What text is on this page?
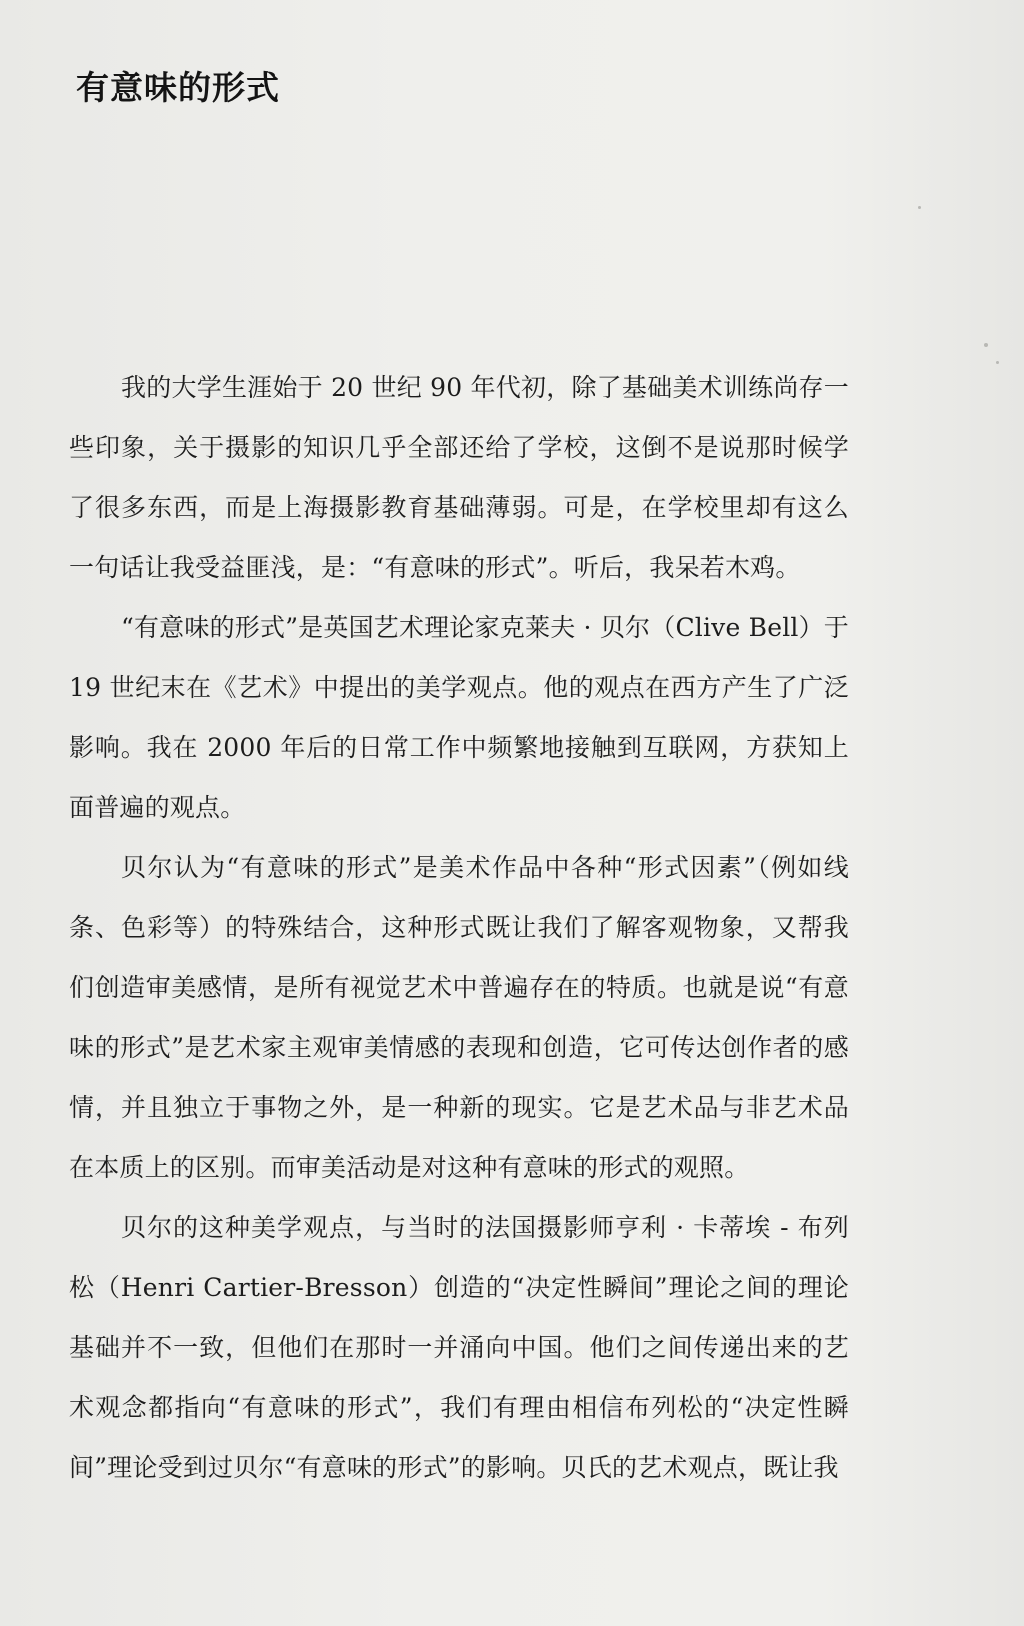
有意味的形式

我的大学生涯始于 20 世纪 90 年代初，除了基础美术训练尚存一些印象，关于摄影的知识几乎全部还给了学校，这倒不是说那时候学了很多东西，而是上海摄影教育基础薄弱。可是，在学校里却有这么一句话让我受益匪浅，是：“有意味的形式”。听后，我呆若木鸡。

“有意味的形式”是英国艺术理论家克莱夫 · 贝尔（Clive Bell）于 19 世纪末在《艺术》中提出的美学观点。他的观点在西方产生了广泛影响。我在 2000 年后的日常工作中频繁地接触到互联网，方获知上面普遍的观点。

贝尔认为“有意味的形式”是美术作品中各种“形式因素”（例如线条、色彩等）的特殊结合，这种形式既让我们了解客观物象，又帮我们创造审美感情，是所有视觉艺术中普遍存在的特质。也就是说“有意味的形式”是艺术家主观审美情感的表现和创造，它可传达创作者的感情，并且独立于事物之外，是一种新的现实。它是艺术品与非艺术品在本质上的区别。而审美活动是对这种有意味的形式的观照。

贝尔的这种美学观点，与当时的法国摄影师亨利 · 卡蒂埃 - 布列松（Henri Cartier-Bresson）创造的“决定性瞬间”理论之间的理论基础并不一致，但他们在那时一并涌向中国。他们之间传递出来的艺术观念都指向“有意味的形式”，我们有理由相信布列松的“决定性瞬间”理论受到过贝尔“有意味的形式”的影响。贝氏的艺术观点，既让我
